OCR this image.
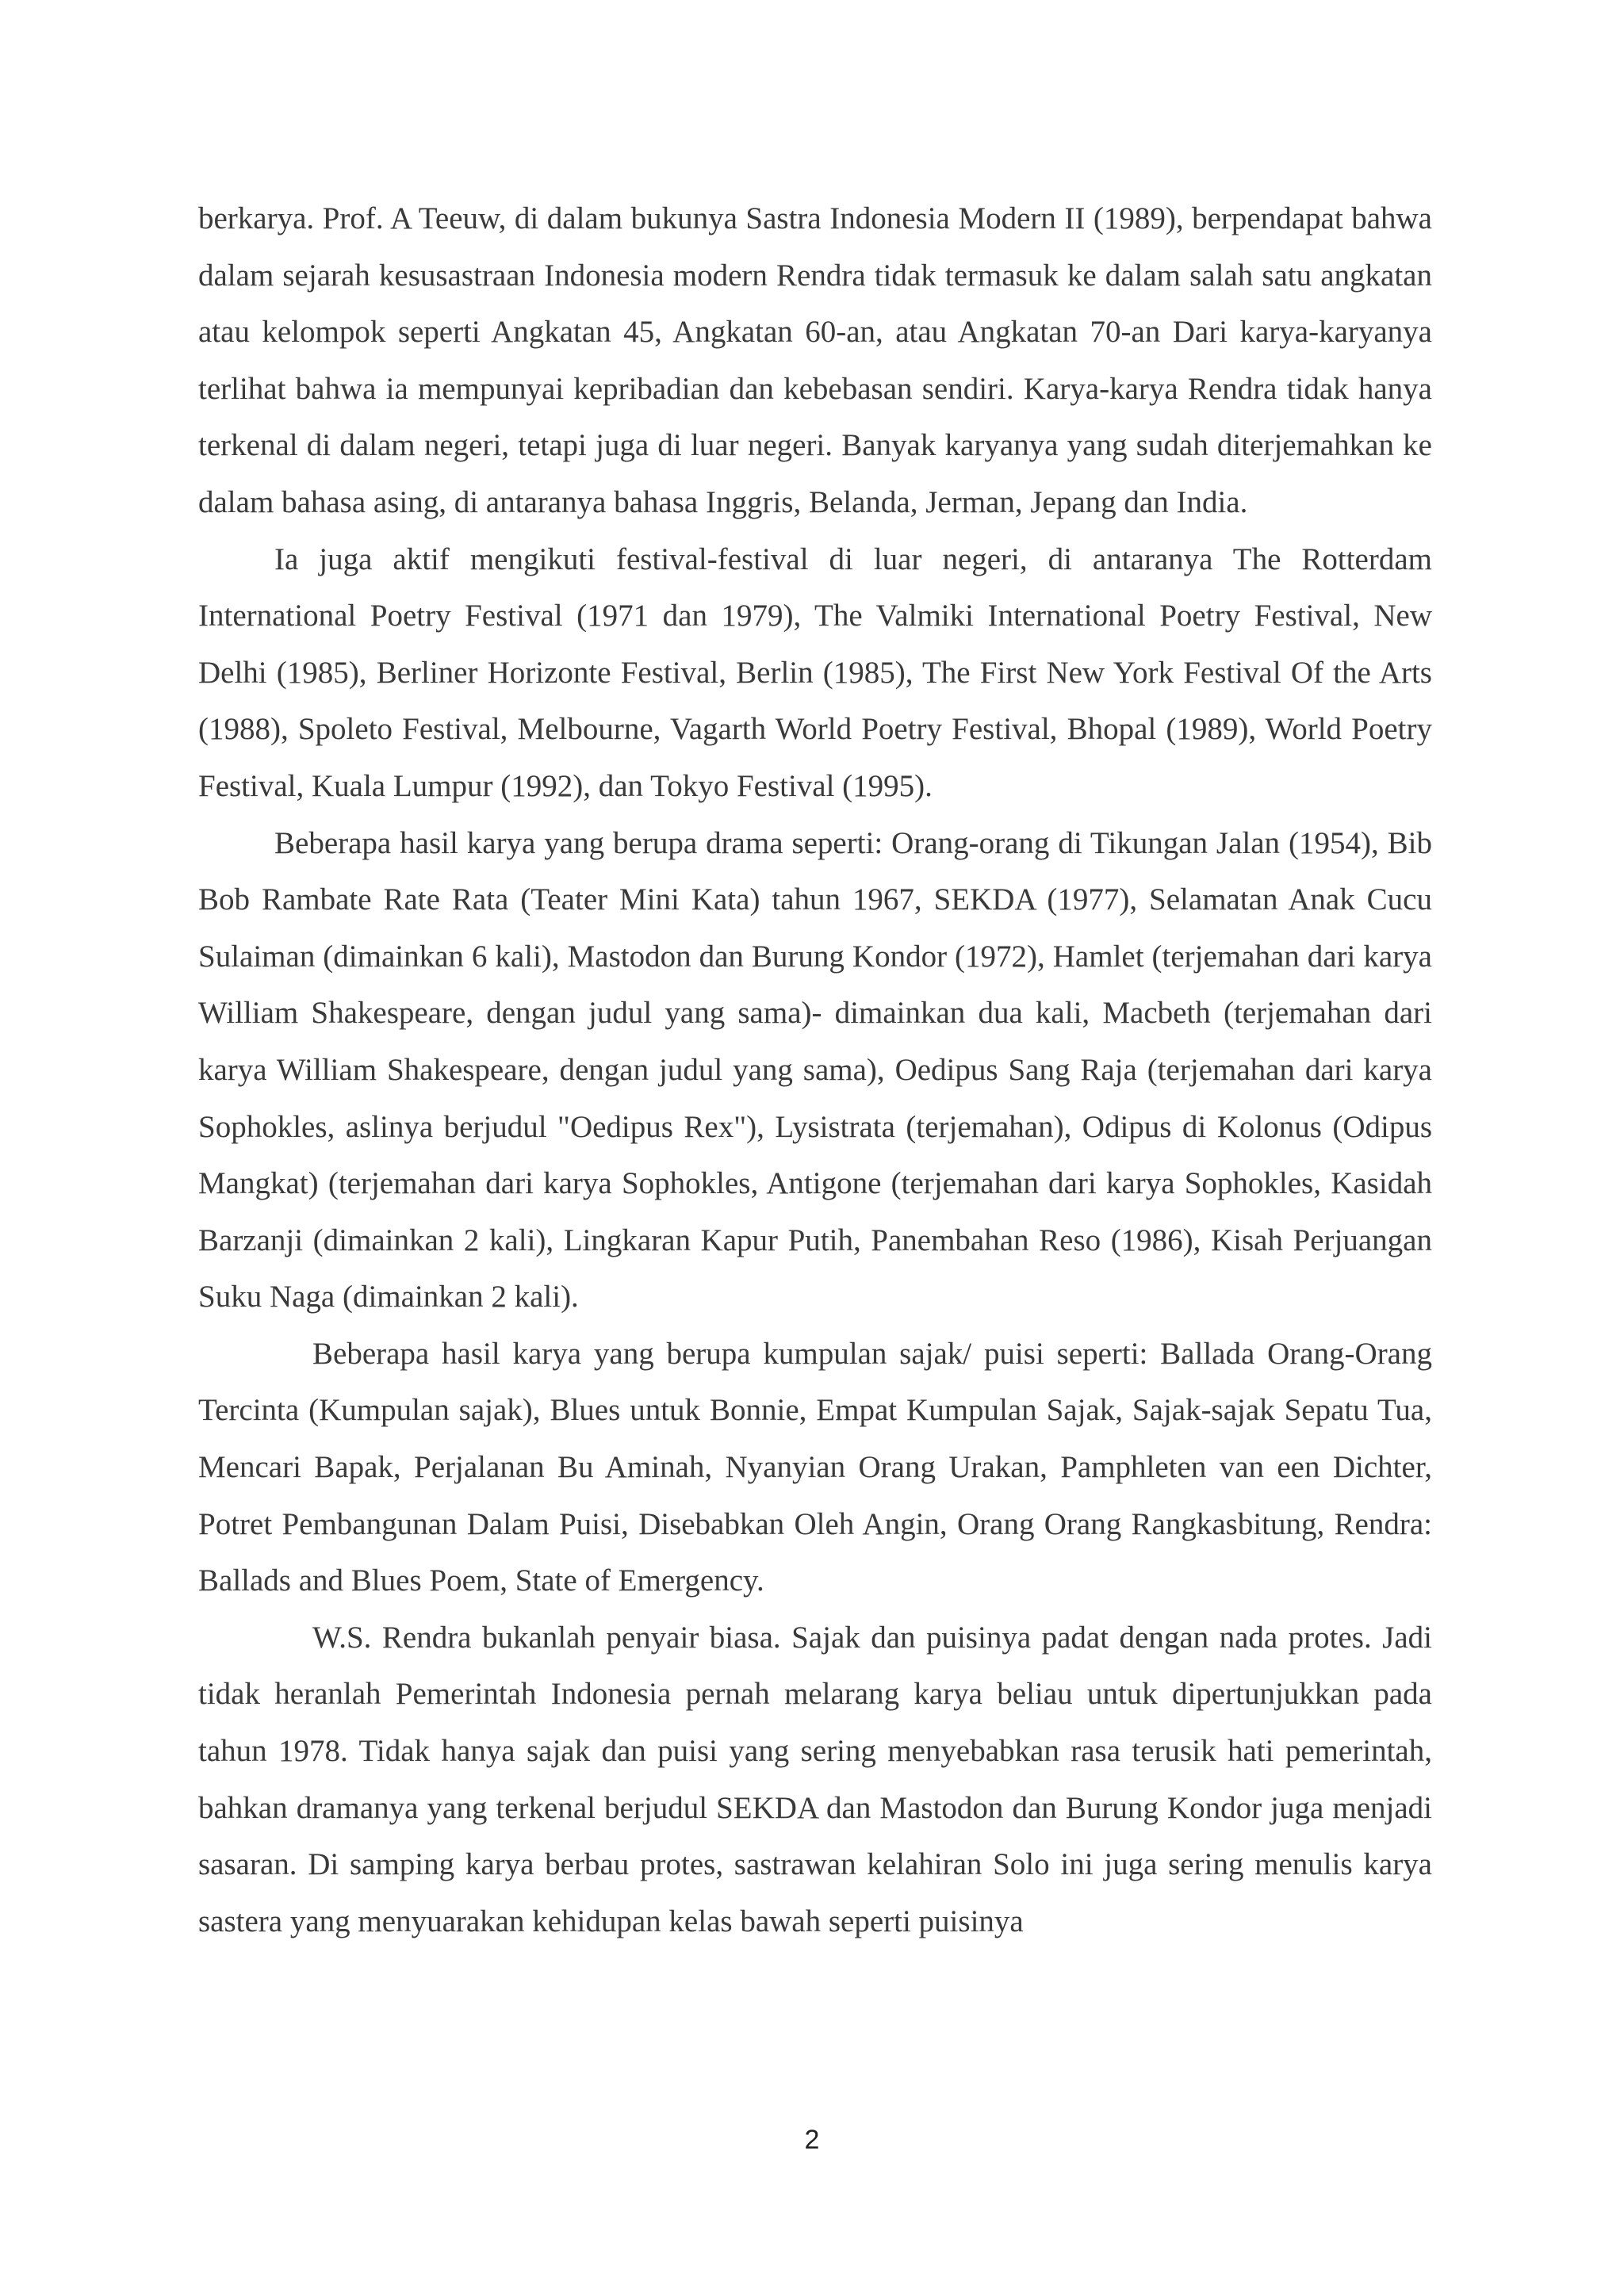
berkarya. Prof. A Teeuw, di dalam bukunya Sastra Indonesia Modern II (1989), berpendapat bahwa dalam sejarah kesusastraan Indonesia modern Rendra tidak termasuk ke dalam salah satu angkatan atau kelompok seperti Angkatan 45, Angkatan 60-an, atau Angkatan 70-an Dari karya-karyanya terlihat bahwa ia mempunyai kepribadian dan kebebasan sendiri. Karya-karya Rendra tidak hanya terkenal di dalam negeri, tetapi juga di luar negeri. Banyak karyanya yang sudah diterjemahkan ke dalam bahasa asing, di antaranya bahasa Inggris, Belanda, Jerman, Jepang dan India.

Ia juga aktif mengikuti festival-festival di luar negeri, di antaranya The Rotterdam International Poetry Festival (1971 dan 1979), The Valmiki International Poetry Festival, New Delhi (1985), Berliner Horizonte Festival, Berlin (1985), The First New York Festival Of the Arts (1988), Spoleto Festival, Melbourne, Vagarth World Poetry Festival, Bhopal (1989), World Poetry Festival, Kuala Lumpur (1992), dan Tokyo Festival (1995).

Beberapa hasil karya yang berupa drama seperti: Orang-orang di Tikungan Jalan (1954), Bib Bob Rambate Rate Rata (Teater Mini Kata) tahun 1967, SEKDA (1977), Selamatan Anak Cucu Sulaiman (dimainkan 6 kali), Mastodon dan Burung Kondor (1972), Hamlet (terjemahan dari karya William Shakespeare, dengan judul yang sama)- dimainkan dua kali, Macbeth (terjemahan dari karya William Shakespeare, dengan judul yang sama), Oedipus Sang Raja (terjemahan dari karya Sophokles, aslinya berjudul "Oedipus Rex"), Lysistrata (terjemahan), Odipus di Kolonus (Odipus Mangkat) (terjemahan dari karya Sophokles, Antigone (terjemahan dari karya Sophokles, Kasidah Barzanji (dimainkan 2 kali), Lingkaran Kapur Putih, Panembahan Reso (1986), Kisah Perjuangan Suku Naga (dimainkan 2 kali).

Beberapa hasil karya yang berupa kumpulan sajak/ puisi seperti: Ballada Orang-Orang Tercinta (Kumpulan sajak), Blues untuk Bonnie, Empat Kumpulan Sajak, Sajak-sajak Sepatu Tua, Mencari Bapak, Perjalanan Bu Aminah, Nyanyian Orang Urakan, Pamphleten van een Dichter, Potret Pembangunan Dalam Puisi, Disebabkan Oleh Angin, Orang Orang Rangkasbitung, Rendra: Ballads and Blues Poem, State of Emergency.

W.S. Rendra bukanlah penyair biasa. Sajak dan puisinya padat dengan nada protes. Jadi tidak heranlah Pemerintah Indonesia pernah melarang karya beliau untuk dipertunjukkan pada tahun 1978. Tidak hanya sajak dan puisi yang sering menyebabkan rasa terusik hati pemerintah, bahkan dramanya yang terkenal berjudul SEKDA dan Mastodon dan Burung Kondor juga menjadi sasaran. Di samping karya berbau protes, sastrawan kelahiran Solo ini juga sering menulis karya sastera yang menyuarakan kehidupan kelas bawah seperti puisinya

2
